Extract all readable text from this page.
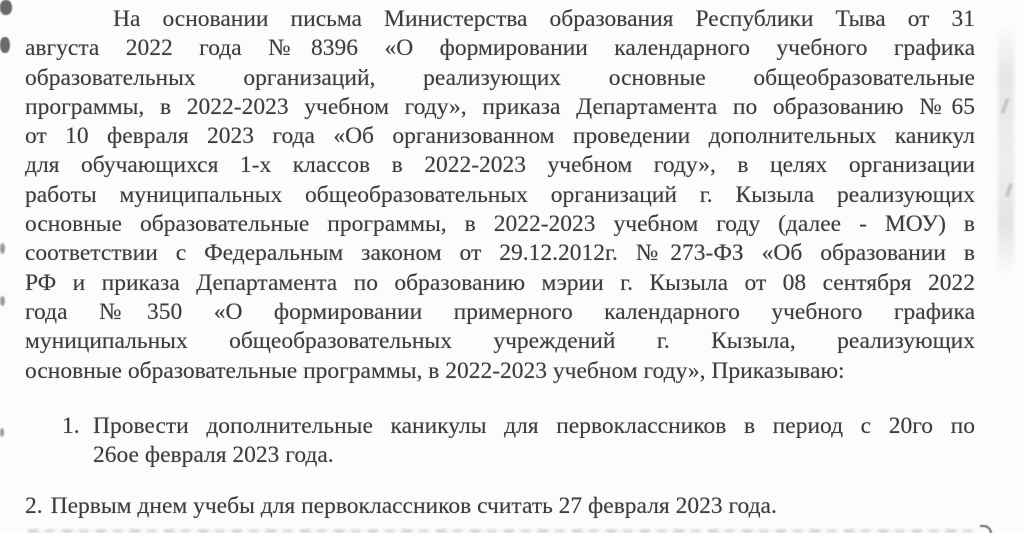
На основании письма Министерства образования Республики Тыва от 31
августа 2022 года №8396 «О формировании календарного учебного графика
образовательных организаций, реализующих основные общеобразовательные
программы, в 2022-2023 учебном году», приказа Департамента по образованию №65
от 10 февраля 2023 года «Об организованном проведении дополнительных каникул
для обучающихся 1-х классов в 2022-2023 учебном году», в целях организации
работы муниципальных общеобразовательных организаций г. Кызыла реализующих
основные образовательные программы, в 2022-2023 учебном году (далее - МОУ) в
соответствии с Федеральным законом от 29.12.2012г. №273-ФЗ «Об образовании в
РФ и приказа Департамента по образованию мэрии г. Кызыла от 08 сентября 2022
года №350 «О формировании примерного календарного учебного графика
муниципальных общеобразовательных учреждений г. Кызыла, реализующих
основные образовательные программы, в 2022-2023 учебном году», Приказываю:
1. Провести дополнительные каникулы для первоклассников в период с 20го по
26ое февраля 2023 года.
2. Первым днем учебы для первоклассников считать 27 февраля 2023 года.
